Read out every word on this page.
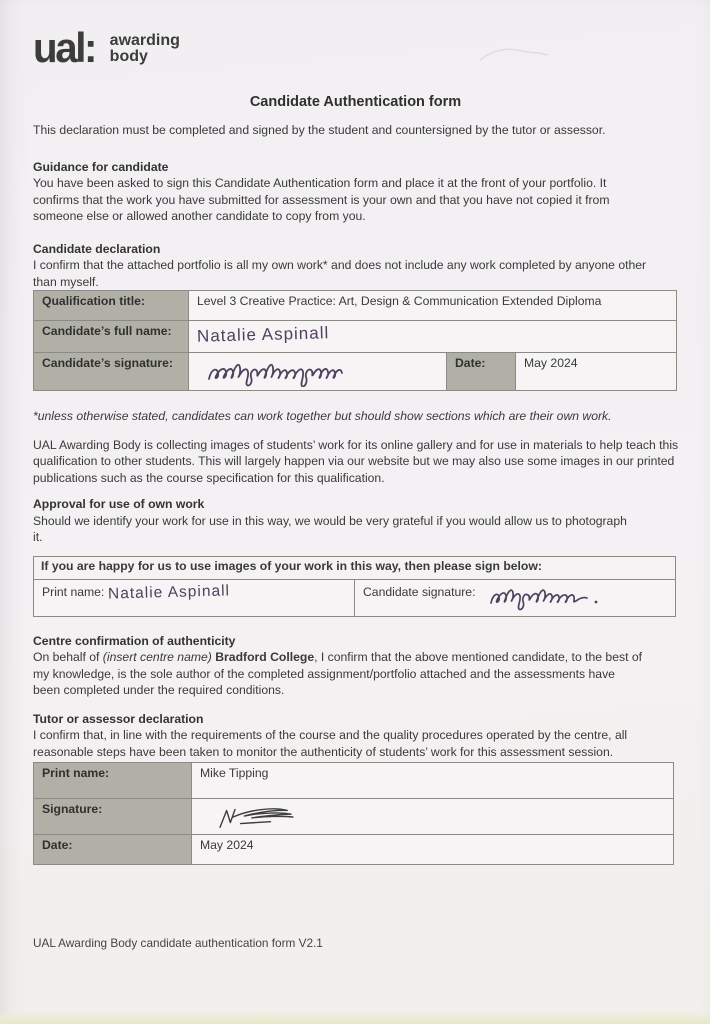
ual: awarding
body
Candidate Authentication form

This declaration must be completed and signed by the student and countersigned by the tutor or assessor.

Guidance for candidate

You have been asked to sign this Candidate Authentication form and place it at the front of your portfolio. It confirms that the work you have submitted for assessment is your own and that you have not copied it from someone else or allowed another candidate to copy from you.

Candidate declaration

I confirm that the attached portfolio is all my own work* and does not include any work completed by anyone other than myself.

Qualification title:	Level 3 Creative Practice: Art, Design & Communication Extended Diploma		
Candidate’s full name:	Natalie Aspinall		
Candidate’s signature:		Date:	May 2024

*unless otherwise stated, candidates can work together but should show sections which are their own work.

UAL Awarding Body is collecting images of students’ work for its online gallery and for use in materials to help teach this qualification to other students. This will largely happen via our website but we may also use some images in our printed publications such as the course specification for this qualification.

Approval for use of own work

Should we identify your work for use in this way, we would be very grateful if you would allow us to photograph it.

If you are happy for us to use images of your work in this way, then please sign below:
Print name: Natalie Aspinall	Candidate signature:
Centre confirmation of authenticity

On behalf of (insert centre name) Bradford College, I confirm that the above mentioned candidate, to the best of my knowledge, is the sole author of the completed assignment/portfolio attached and the assessments have been completed under the required conditions.

Tutor or assessor declaration

I confirm that, in line with the requirements of the course and the quality procedures operated by the centre, all reasonable steps have been taken to monitor the authenticity of students’ work for this assessment session.

Print name:	Mike Tipping
Signature:	

Date:	May 2024

UAL Awarding Body candidate authentication form V2.1
